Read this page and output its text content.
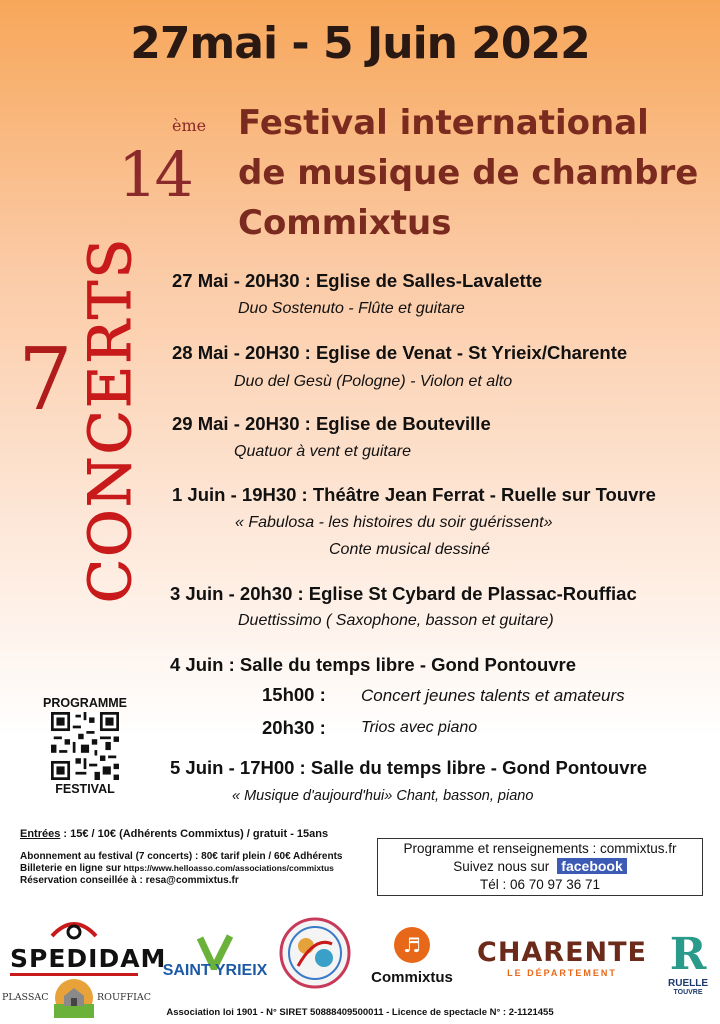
27mai - 5 Juin 2022
ème
14
Festival international
de musique de chambre
Commixtus
7 CONCERTS 27 Mai - 20H30 : Eglise de Salles-Lavalette
Duo Sostenuto - Flûte et guitare
28 Mai - 20H30 : Eglise de Venat - St Yrieix/Charente
Duo del Gesù (Pologne) - Violon et alto
29 Mai - 20H30 : Eglise de Bouteville
Quatuor à vent et guitare
1 Juin - 19H30 : Théâtre Jean Ferrat - Ruelle sur Touvre
« Fabulosa - les histoires du soir guérissent»
Conte musical dessiné
3 Juin - 20h30 : Eglise St Cybard de Plassac-Rouffiac
Duettissimo ( Saxophone, basson et guitare)
4 Juin : Salle du temps libre - Gond Pontouvre
15h00 : Concert jeunes talents et amateurs
20h30 : Trios avec piano
5 Juin - 17H00 : Salle du temps libre - Gond Pontouvre
« Musique d'aujourd'hui» Chant, basson, piano
PROGRAMME
FESTIVAL
Entrées : 15€ / 10€ (Adhérents Commixtus) / gratuit - 15ans
Abonnement au festival (7 concerts) : 80€ tarif plein / 60€ Adhérents
Billeterie en ligne sur https://www.helloasso.com/associations/commixtus
Réservation conseillée à : resa@commixtus.fr
Programme et renseignements : commixtus.fr
Suivez nous sur facebook
Tél : 06 70 97 36 71
SPEDIDAM
SAINT YRIEIX
♬
Commixtus
CHARENTE
LE DÉPARTEMENT	R
RUELLE
TOUVRE
PLASSAC	ROUFFIAC
Association loi 1901 - N° SIRET 50888409500011 - Licence de spectacle N° : 2-1121455
